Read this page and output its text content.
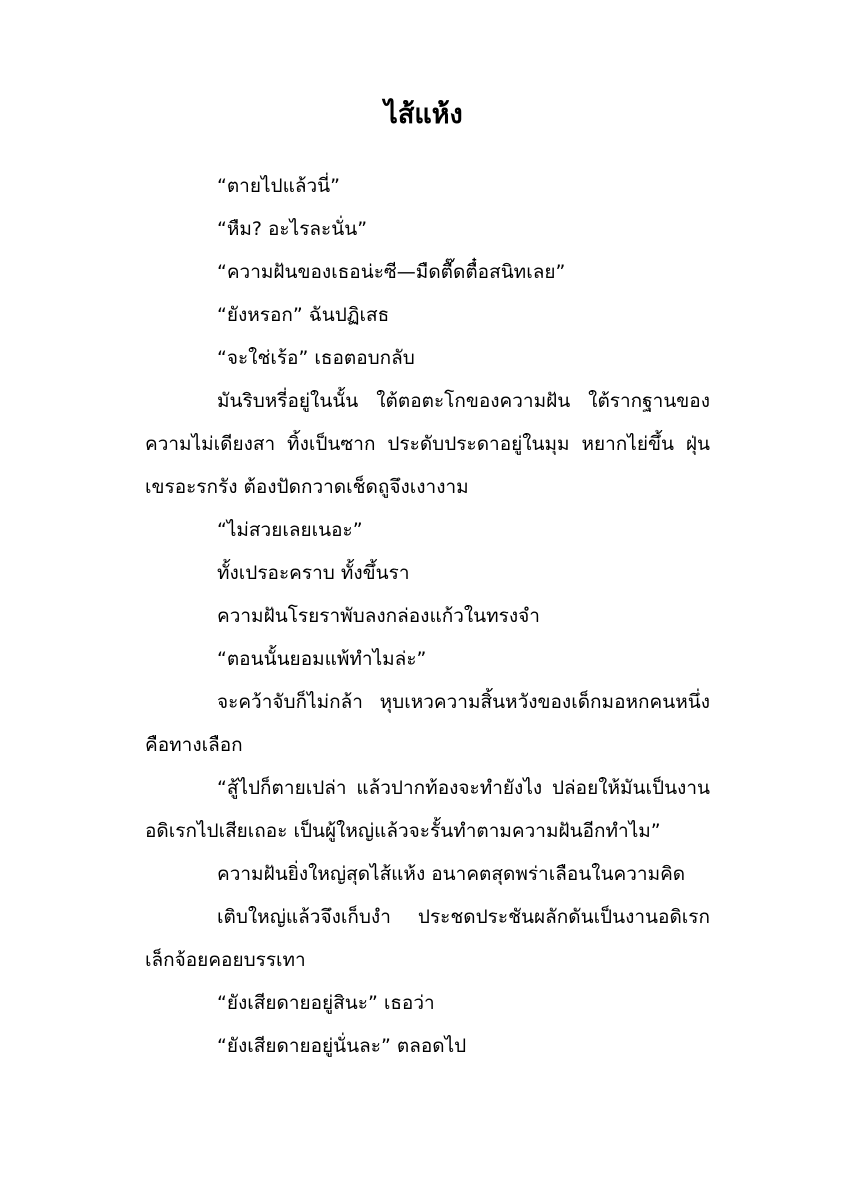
ไส้แห้ง

“ตายไปแล้วนี่”

“หืม? อะไรละนั่น”

“ความฝันของเธอน่ะซี—มืดตื๊ดตื๋อสนิทเลย”

“ยังหรอก” ฉันปฏิเสธ

“จะใช่เร้อ” เธอตอบกลับ

มันริบหรี่อยู่ในนั้น ใต้ตอตะโกของความฝัน ใต้รากฐานของความไม่เดียงสา ทิ้งเป็นซาก ประดับประดาอยู่ในมุม หยากไย่ขึ้น ฝุ่นเขรอะรกรัง ต้องปัดกวาดเช็ดถูจึงเงางาม

“ไม่สวยเลยเนอะ”

ทั้งเปรอะคราบ ทั้งขึ้นรา

ความฝันโรยราพับลงกล่องแก้วในทรงจำ

“ตอนนั้นยอมแพ้ทำไมล่ะ”

จะคว้าจับก็ไม่กล้า หุบเหวความสิ้นหวังของเด็กมอหกคนหนึ่งคือทางเลือก

“สู้ไปก็ตายเปล่า แล้วปากท้องจะทำยังไง ปล่อยให้มันเป็นงานอดิเรกไปเสียเถอะ เป็นผู้ใหญ่แล้วจะรั้นทำตามความฝันอีกทำไม”

ความฝันยิ่งใหญ่สุดไส้แห้ง อนาคตสุดพร่าเลือนในความคิด

เติบใหญ่แล้วจึงเก็บงำ ประชดประชันผลักดันเป็นงานอดิเรกเล็กจ้อยคอยบรรเทา

“ยังเสียดายอยู่สินะ” เธอว่า

“ยังเสียดายอยู่นั่นละ” ตลอดไป
